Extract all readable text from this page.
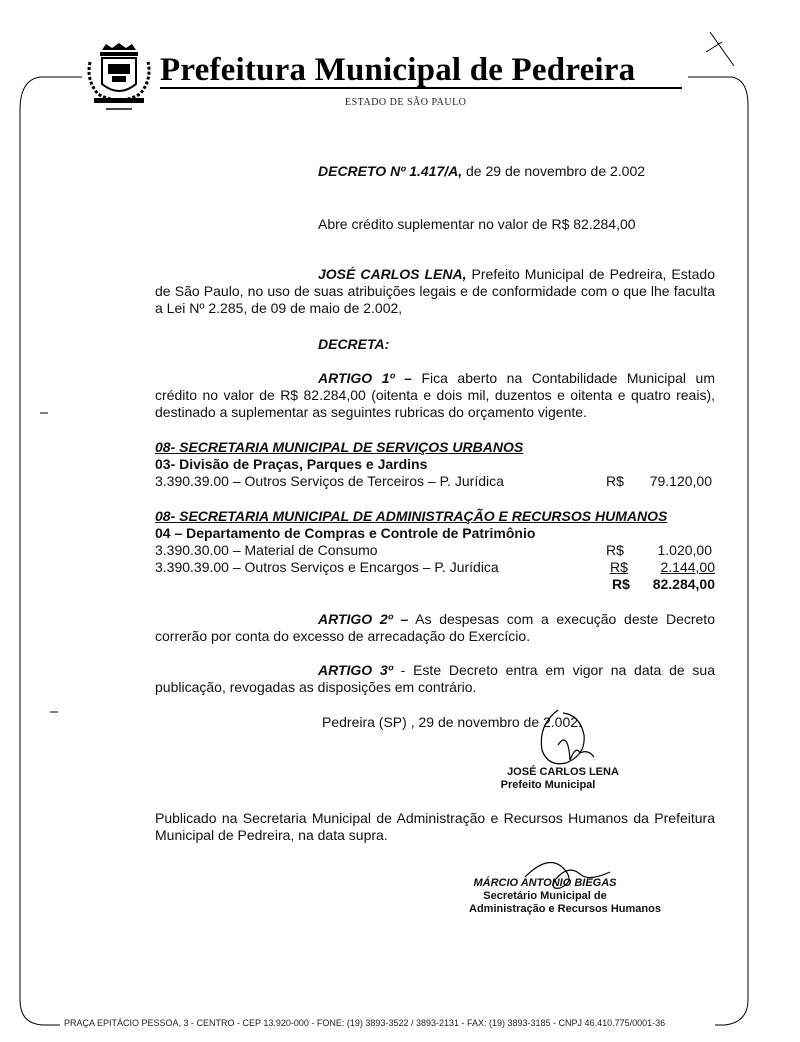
Prefeitura Municipal de Pedreira
ESTADO DE SÃO PAULO
DECRETO Nº 1.417/A, de 29 de novembro de 2.002
Abre crédito suplementar no valor de R$ 82.284,00
JOSÉ CARLOS LENA, Prefeito Municipal de Pedreira, Estado de São Paulo, no uso de suas atribuições legais e de conformidade com o que lhe faculta a Lei Nº 2.285, de 09 de maio de 2.002,
DECRETA:
ARTIGO 1º – Fica aberto na Contabilidade Municipal um crédito no valor de R$ 82.284,00 (oitenta e dois mil, duzentos e oitenta e quatro reais), destinado a suplementar as seguintes rubricas do orçamento vigente.
08- SECRETARIA MUNICIPAL DE SERVIÇOS URBANOS
03- Divisão de Praças, Parques e Jardins
3.390.39.00 – Outros Serviços de Terceiros – P. Jurídica	R$	79.120,00
08- SECRETARIA MUNICIPAL DE ADMINISTRAÇÃO E RECURSOS HUMANOS
04 – Departamento de Compras e Controle de Patrimônio
3.390.30.00 – Material de Consumo	R$	1.020,00
3.390.39.00 – Outros Serviços e Encargos – P. Jurídica	R$	2.144,00
R$	82.284,00
ARTIGO 2º – As despesas com a execução deste Decreto correrão por conta do excesso de arrecadação do Exercício.
ARTIGO 3º - Este Decreto entra em vigor na data de sua publicação, revogadas as disposições em contrário.
Pedreira (SP) , 29 de novembro de 2.002.
JOSÉ CARLOS LENA
Prefeito Municipal
Publicado na Secretaria Municipal de Administração e Recursos Humanos da Prefeitura Municipal de Pedreira, na data supra.
MÁRCIO ANTONIO BIEGAS
Secretário Municipal de
Administração e Recursos Humanos
PRAÇA EPITÁCIO PESSOA, 3 - CENTRO - CEP 13.920-000 - FONE: (19) 3893-3522 / 3893-2131 - FAX: (19) 3893-3185 - CNPJ 46.410.775/0001-36
